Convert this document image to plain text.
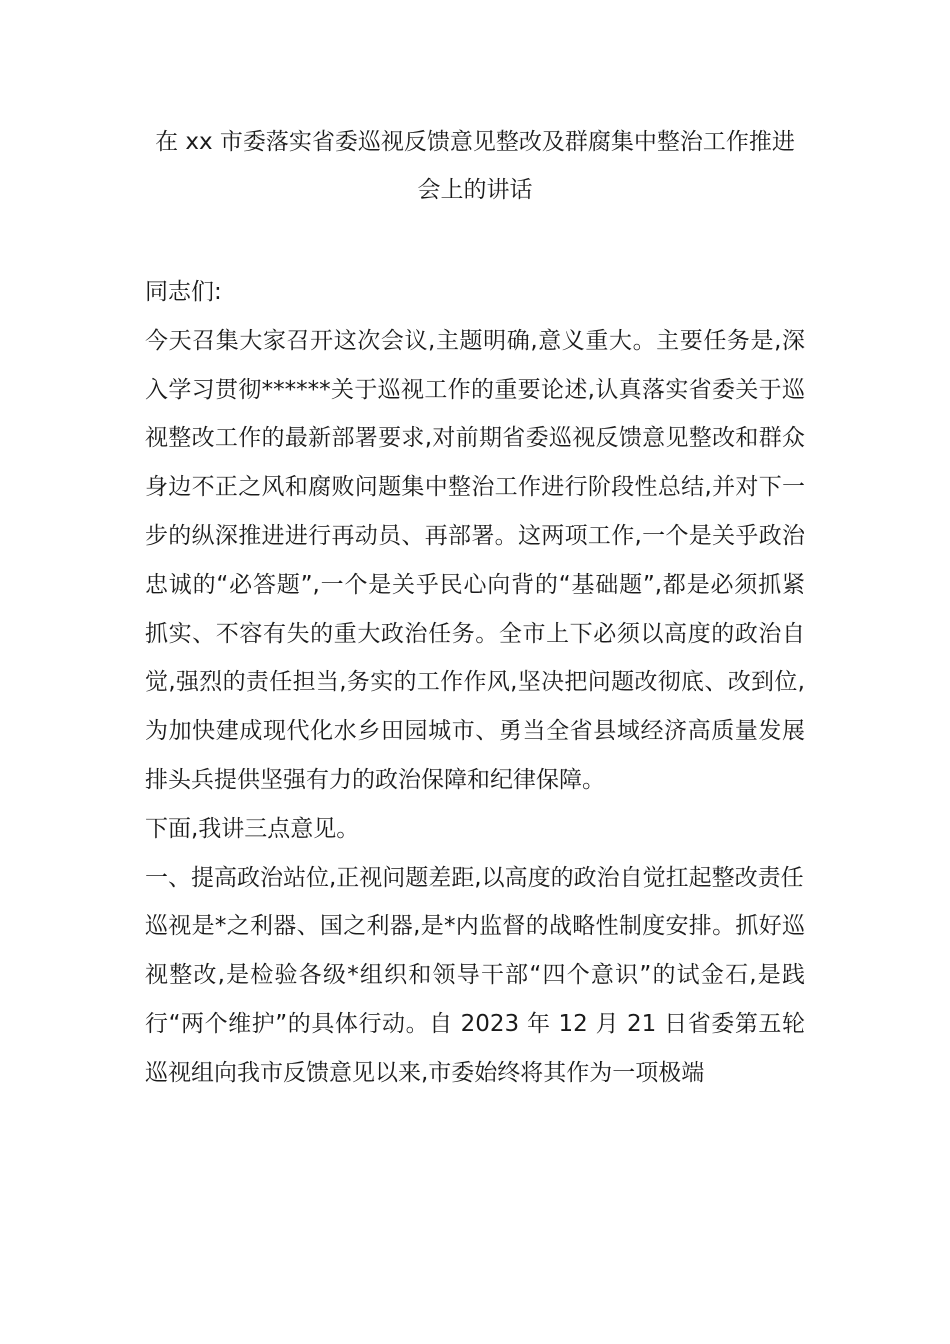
在 xx 市委落实省委巡视反馈意见整改及群腐集中整治工作推进
会上的讲话

同志们:

今天召集大家召开这次会议,主题明确,意义重大。主要任务是,深入学习贯彻******关于巡视工作的重要论述,认真落实省委关于巡视整改工作的最新部署要求,对前期省委巡视反馈意见整改和群众身边不正之风和腐败问题集中整治工作进行阶段性总结,并对下一步的纵深推进进行再动员、再部署。这两项工作,一个是关乎政治忠诚的“必答题”,一个是关乎民心向背的“基础题”,都是必须抓紧抓实、不容有失的重大政治任务。全市上下必须以高度的政治自觉,强烈的责任担当,务实的工作作风,坚决把问题改彻底、改到位,为加快建成现代化水乡田园城市、勇当全省县域经济高质量发展排头兵提供坚强有力的政治保障和纪律保障。

下面,我讲三点意见。

一、提高政治站位,正视问题差距,以高度的政治自觉扛起整改责任

巡视是*之利器、国之利器,是*内监督的战略性制度安排。抓好巡视整改,是检验各级*组织和领导干部“四个意识”的试金石,是践行“两个维护”的具体行动。自 2023 年 12 月 21 日省委第五轮巡视组向我市反馈意见以来,市委始终将其作为一项极端
